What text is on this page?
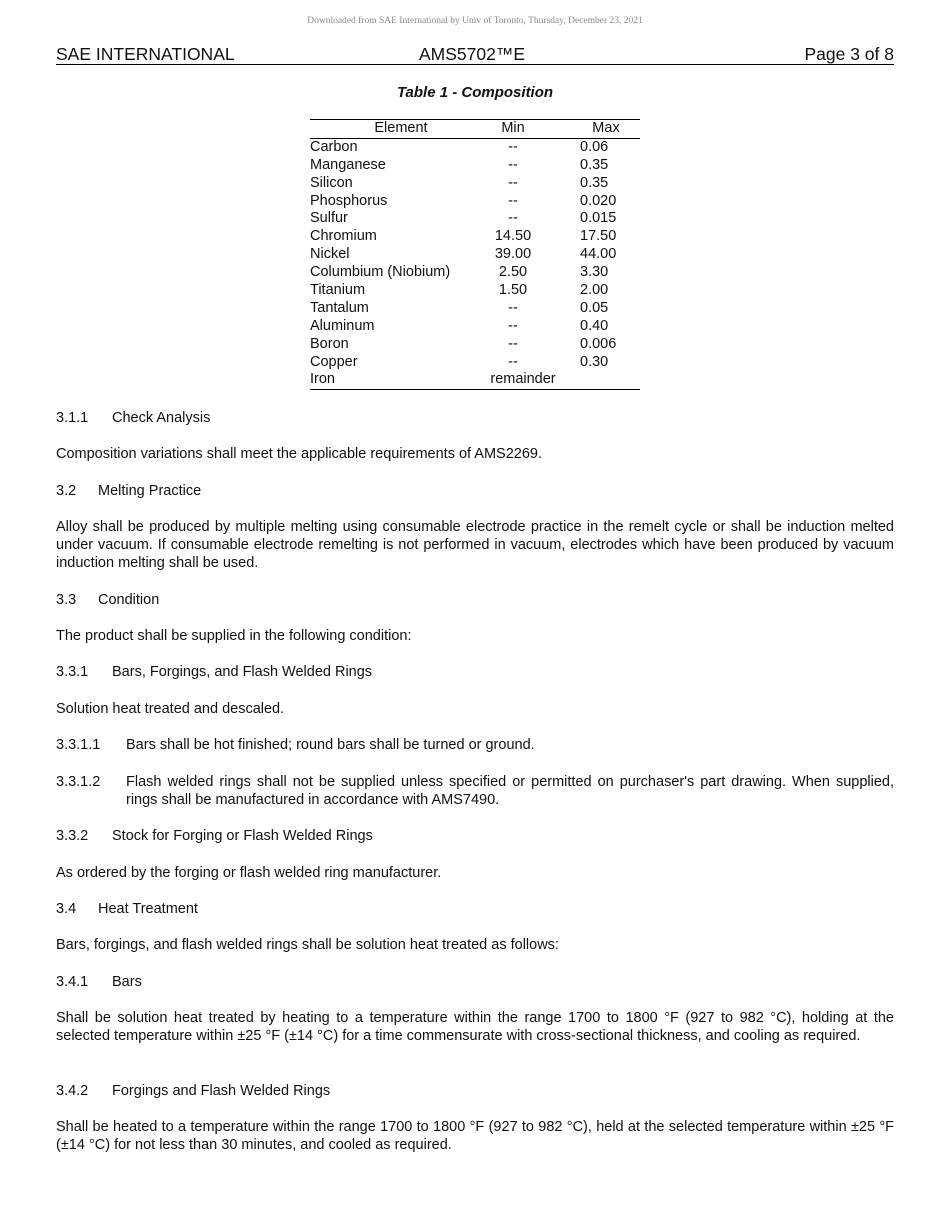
Downloaded from SAE International by Univ of Toronto, Thursday, December 23, 2021
SAE INTERNATIONAL	AMS5702™E	Page 3 of 8
Table 1 - Composition
Element	Min	Max
Carbon	--	0.06
Manganese	--	0.35
Silicon	--	0.35
Phosphorus	--	0.020
Sulfur	--	0.015
Chromium	14.50	17.50
Nickel	39.00	44.00
Columbium (Niobium)	2.50	3.30
Titanium	1.50	2.00
Tantalum	--	0.05
Aluminum	--	0.40
Boron	--	0.006
Copper	--	0.30
Iron	remainder
3.1.1 Check Analysis
Composition variations shall meet the applicable requirements of AMS2269.
3.2 Melting Practice
Alloy shall be produced by multiple melting using consumable electrode practice in the remelt cycle or shall be induction melted under vacuum. If consumable electrode remelting is not performed in vacuum, electrodes which have been produced by vacuum induction melting shall be used.
3.3 Condition
The product shall be supplied in the following condition:
3.3.1 Bars, Forgings, and Flash Welded Rings
Solution heat treated and descaled.
3.3.1.1	Bars shall be hot finished; round bars shall be turned or ground.
3.3.1.2	Flash welded rings shall not be supplied unless specified or permitted on purchaser's part drawing. When supplied, rings shall be manufactured in accordance with AMS7490.
3.3.2 Stock for Forging or Flash Welded Rings
As ordered by the forging or flash welded ring manufacturer.
3.4 Heat Treatment
Bars, forgings, and flash welded rings shall be solution heat treated as follows:
3.4.1 Bars
Shall be solution heat treated by heating to a temperature within the range 1700 to 1800 °F (927 to 982 °C), holding at the selected temperature within ±25 °F (±14 °C) for a time commensurate with cross-sectional thickness, and cooling as required.
3.4.2 Forgings and Flash Welded Rings
Shall be heated to a temperature within the range 1700 to 1800 °F (927 to 982 °C), held at the selected temperature within ±25 °F (±14 °C) for not less than 30 minutes, and cooled as required.
